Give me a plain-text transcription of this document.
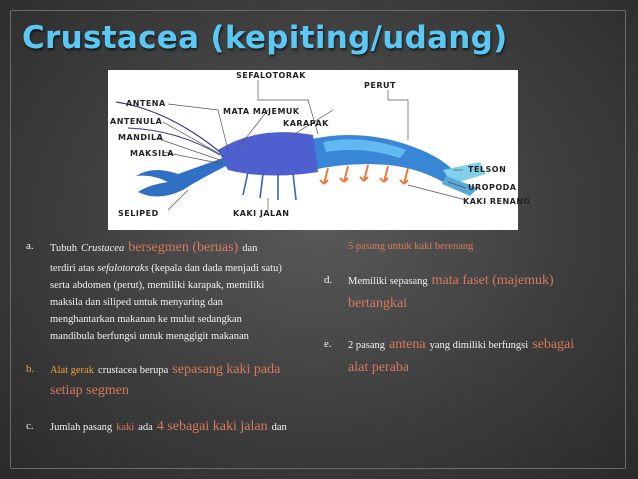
Crustacea (kepiting/udang)
SEFALOTORAK
ANTENA
MATA MAJEMUK
PERUT
KARAPAK
ANTENULA
MANDILA
MAKSILA
TELSON
UROPODA
KAKI RENANG
SELIPED	KAKI JALAN
a. Tubuh Crustacea bersegmen (beruas) dan
terdiri atas sefalotoraks (kepala dan dada menjadi satu)
serta abdomen (perut), memiliki karapak, memiliki
maksila dan siliped untuk menyaring dan
menghantarkan makanan ke mulut sedangkan
mandibula berfungsi untuk menggigit makanan
b. Alat gerak crustacea berupa sepasang kaki pada
setiap segmen
c. Jumlah pasang kaki ada 4 sebagai kaki jalan dan
5 pasang untuk kaki berenang
d. Memiliki sepasang mata faset (majemuk)
bertangkai
e. 2 pasang antena yang dimiliki berfungsi sebagai
alat peraba
